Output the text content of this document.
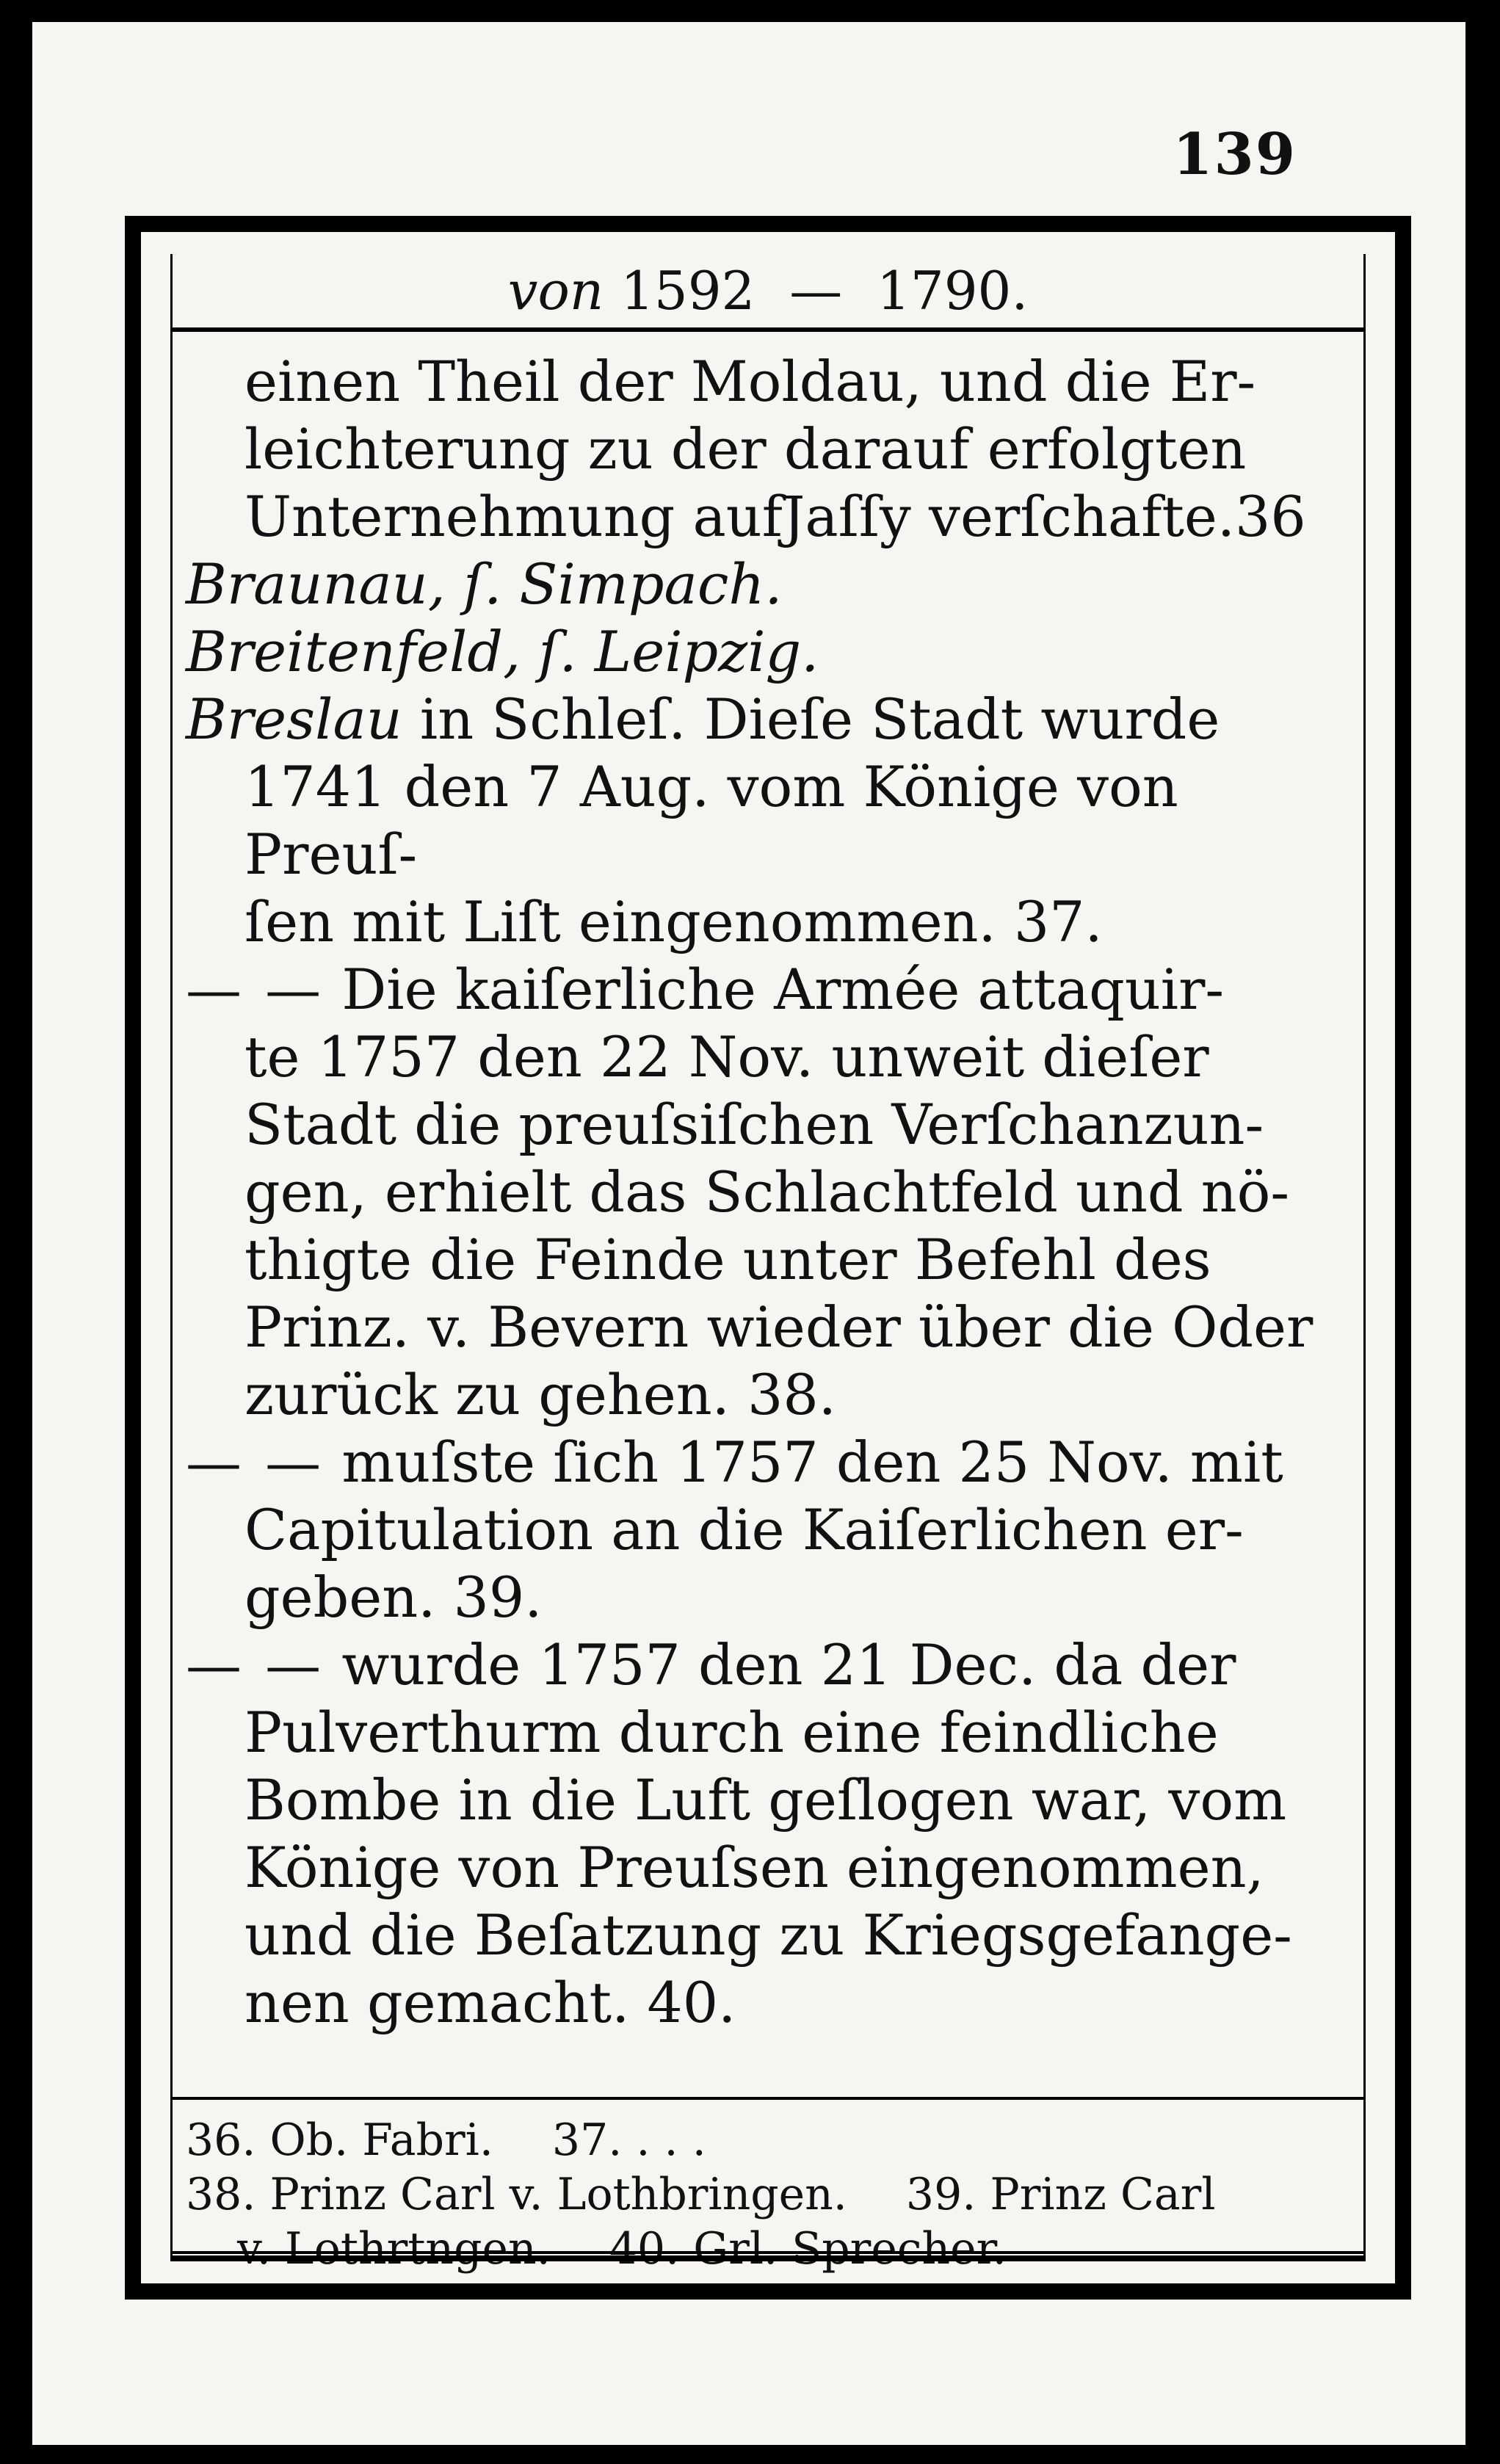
139
von 1592 — 1790.
einen Theil der Moldau, und die Er-
leichterung zu der darauf erfolgten
Unternehmung aufJaſſy verſchafte.36
Braunau, ſ. Simpach.
Breitenfeld, ſ. Leipzig.
Breslau in Schleſ. Dieſe Stadt wurde
1741 den 7 Aug. vom Könige von Preuſ-
ſen mit Liſt eingenommen. 37.
— — Die kaiſerliche Armée attaquir-
te 1757 den 22 Nov. unweit dieſer
Stadt die preuſsiſchen Verſchanzun-
gen, erhielt das Schlachtfeld und nö-
thigte die Feinde unter Befehl des
Prinz. v. Bevern wieder über die Oder
zurück zu gehen. 38.
— — muſste ſich 1757 den 25 Nov. mit
Capitulation an die Kaiſerlichen er-
geben. 39.
— — wurde 1757 den 21 Dec. da der
Pulverthurm durch eine feindliche
Bombe in die Luft geſlogen war, vom
Könige von Preuſsen eingenommen,
und die Beſatzung zu Kriegsgefange-
nen gemacht. 40.
36. Ob. Fabri. 37. . . .
38. Prinz Carl v. Lothbringen. 39. Prinz Carl
v. Lothrtngen. 40. Grl. Sprecher.
